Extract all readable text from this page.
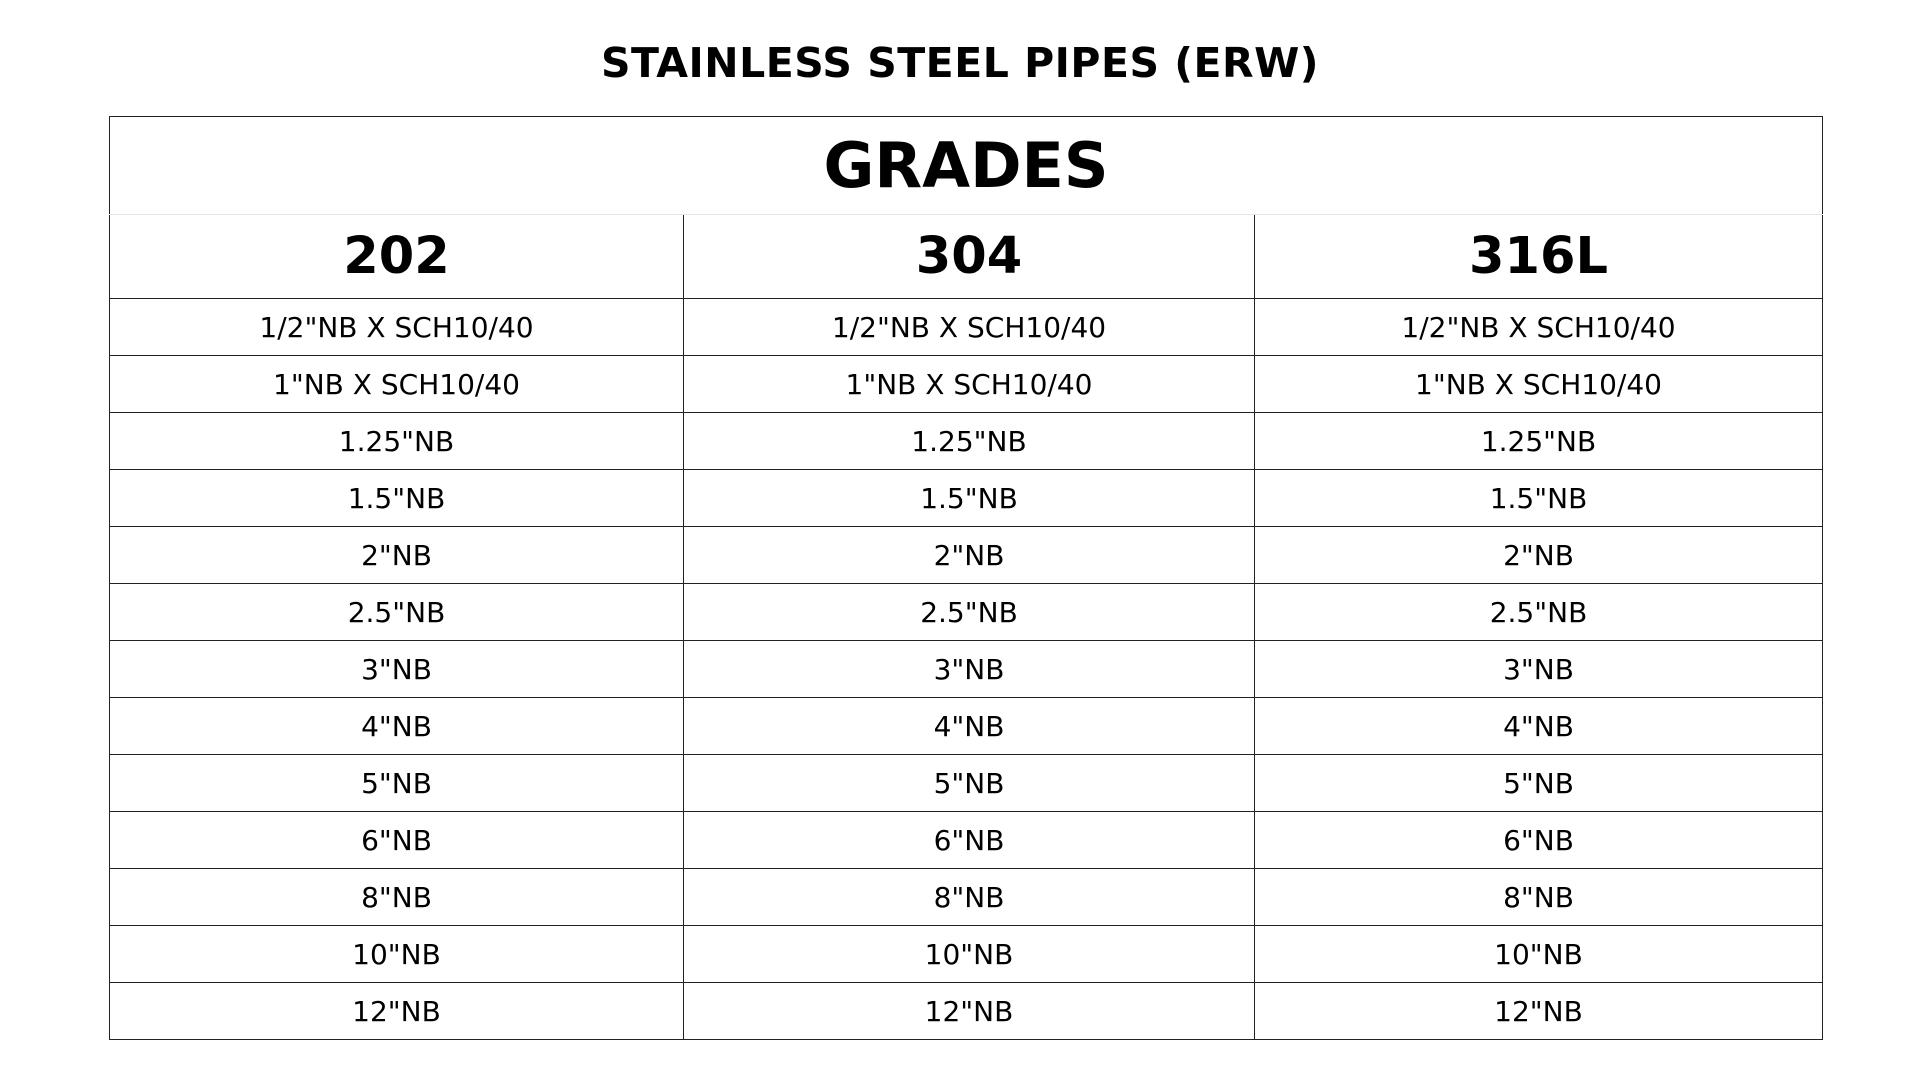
STAINLESS STEEL PIPES (ERW)
GRADES		
202	304	316L
1/2"NB X SCH10/40	1/2"NB X SCH10/40	1/2"NB X SCH10/40
1"NB X SCH10/40	1"NB X SCH10/40	1"NB X SCH10/40
1.25"NB	1.25"NB	1.25"NB
1.5"NB	1.5"NB	1.5"NB
2"NB	2"NB	2"NB
2.5"NB	2.5"NB	2.5"NB
3"NB	3"NB	3"NB
4"NB	4"NB	4"NB
5"NB	5"NB	5"NB
6"NB	6"NB	6"NB
8"NB	8"NB	8"NB
10"NB	10"NB	10"NB
12"NB	12"NB	12"NB
